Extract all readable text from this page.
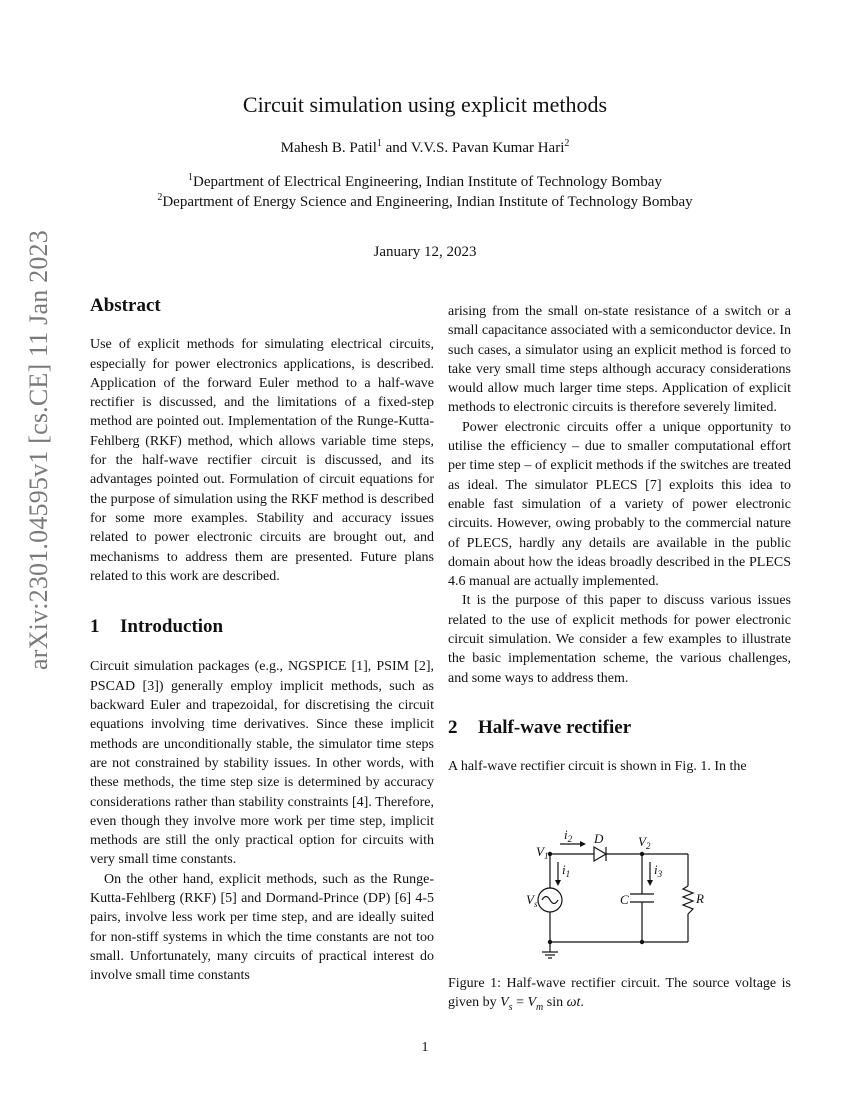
arXiv:2301.04595v1 [cs.CE] 11 Jan 2023
Circuit simulation using explicit methods
Mahesh B. Patil$^1$ and V.V.S. Pavan Kumar Hari$^2$
$^1$Department of Electrical Engineering, Indian Institute of Technology Bombay
$^2$Department of Energy Science and Engineering, Indian Institute of Technology Bombay
January 12, 2023
Abstract

Use of explicit methods for simulating electrical circuits, especially for power electronics applications, is described. Application of the forward Euler method to a half-wave rectifier is discussed, and the limitations of a fixed-step method are pointed out. Implementation of the Runge-Kutta-Fehlberg (RKF) method, which allows variable time steps, for the half-wave rectifier circuit is discussed, and its advantages pointed out. Formulation of circuit equations for the purpose of simulation using the RKF method is described for some more examples. Stability and accuracy issues related to power electronic circuits are brought out, and mechanisms to address them are presented. Future plans related to this work are described.

1 Introduction

Circuit simulation packages (e.g., NGSPICE [1], PSIM [2], PSCAD [3]) generally employ implicit methods, such as backward Euler and trapezoidal, for discretising the circuit equations involving time derivatives. Since these implicit methods are unconditionally stable, the simulator time steps are not constrained by stability issues. In other words, with these methods, the time step size is determined by accuracy considerations rather than stability constraints [4]. Therefore, even though they involve more work per time step, implicit methods are still the only practical option for circuits with very small time constants.

On the other hand, explicit methods, such as the Runge-Kutta-Fehlberg (RKF) [5] and Dormand-Prince (DP) [6] 4-5 pairs, involve less work per time step, and are ideally suited for non-stiff systems in which the time constants are not too small. Unfortunately, many circuits of practical interest do involve small time constants

arising from the small on-state resistance of a switch or a small capacitance associated with a semiconductor device. In such cases, a simulator using an explicit method is forced to take very small time steps although accuracy considerations would allow much larger time steps. Application of explicit methods to electronic circuits is therefore severely limited.

Power electronic circuits offer a unique opportunity to utilise the efficiency – due to smaller computational effort per time step – of explicit methods if the switches are treated as ideal. The simulator PLECS [7] exploits this idea to enable fast simulation of a variety of power electronic circuits. However, owing probably to the commercial nature of PLECS, hardly any details are available in the public domain about how the ideas broadly described in the PLECS 4.6 manual are actually implemented.

It is the purpose of this paper to discuss various issues related to the use of explicit methods for power electronic circuit simulation. We consider a few examples to illustrate the basic implementation scheme, the various challenges, and some ways to address them.

2 Half-wave rectifier

A half-wave rectifier circuit is shown in Fig. 1. In the

$i_2$ D
$V_1$
$V_2$
$i_1$	$i_3$
$V_s$	C	R
Figure 1: Half-wave rectifier circuit. The source voltage is given by $V_s = V_m$ sin ωt.
1
